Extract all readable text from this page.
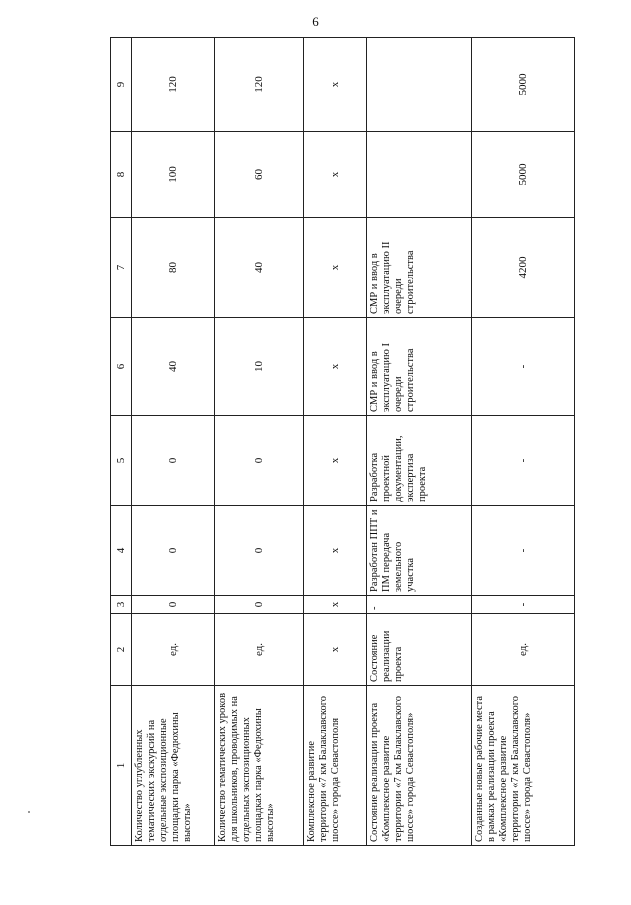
6
1	2	3	4	5	6	7	8	9
Количество углубленных тематических экскурсий на отдельные экспозиционные площадки парка «Федюхины высоты»	ед.	0	0	0	40	80	100	120
Количество тематических уроков для школьников, проводимых на отдельных экспозиционных площадках парка «Федюхины высоты»	ед.	0	0	0	10	40	60	120
Комплексное развитие территории «7 км Балаклавского шоссе» города Севастополя	х	х	х	х	х	х	х	х
Состояние реализации проекта «Комплексное развитие территории «7 км Балаклавского шоссе» города Севастополя»	Состояние реализации проекта	-	Разработан ППТ и ПМ передача земельного участка	Разработка проектной документации, экспертиза проекта	СМР и ввод в эксплуатацию I очереди строительства	СМР и ввод в эксплуатацию II очереди строительства		
Созданные новые рабочие места в рамках реализации проекта «Комплексное развитие территории «7 км Балаклавского шоссе» города Севастополя»	ед.	-	-	-	-	4200	5000	5000
